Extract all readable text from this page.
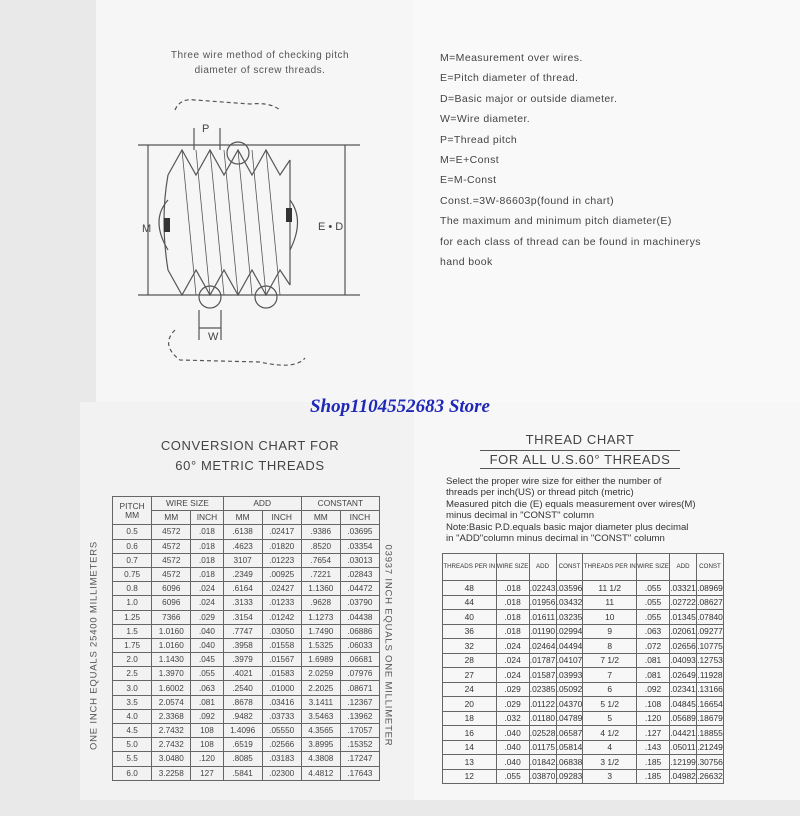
Three wire method of checking pitch
diameter of screw threads.
P
M	E • D
W
M=Measurement over wires.
E=Pitch diameter of thread.
D=Basic major or outside diameter.
W=Wire diameter.
P=Thread pitch
M=E+Const
E=M-Const
Const.=3W-86603p(found in chart)
The maximum and minimum pitch diameter(E)
for each class of thread can be found in machinerys
hand book
Shop1104552683 Store
CONVERSION CHART FOR
60° METRIC THREADS
ONE INCH EQUALS 25400 MILLIMETERS	03937 INCH EQUALS ONE MILLIMETER
PITCH
MM	WIRE SIZE		ADD		CONSTANT	
	MM	INCH	MM	INCH	MM	INCH
0.5	4572	.018	.6138	.02417	.9386	.03695
0.6	4572	.018	.4623	.01820	.8520	.03354
0.7	4572	.018	3107	.01223	.7654	.03013
0.75	4572	.018	.2349	.00925	.7221	.02843
0.8	6096	.024	.6164	.02427	1.1360	.04472
1.0	6096	.024	.3133	.01233	.9628	.03790
1.25	7366	.029	.3154	.01242	1.1273	.04438
1.5	1.0160	.040	.7747	.03050	1.7490	.06886
1.75	1.0160	.040	.3958	.01558	1.5325	.06033
2.0	1.1430	.045	.3979	.01567	1.6989	.06681
2.5	1.3970	.055	.4021	.01583	2.0259	.07976
3.0	1.6002	.063	.2540	.01000	2.2025	.08671
3.5	2.0574	.081	.8678	.03416	3.1411	.12367
4.0	2.3368	.092	.9482	.03733	3.5463	.13962
4.5	2.7432	108	1.4096	.05550	4.3565	.17057
5.0	2.7432	108	.6519	.02566	3.8995	.15352
5.5	3.0480	.120	.8085	.03183	4.3808	.17247
6.0	3.2258	127	.5841	.02300	4.4812	.17643
THREAD CHART
FOR ALL U.S.60° THREADS
Select the proper wire size for either the number of
threads per inch(US) or thread pitch (metric)
Measured pitch die (E) equals measurement over wires(M)
minus decimal in "CONST" column
Note:Basic P.D.equals basic major diameter plus decimal
in "ADD"column minus decimal in "CONST" column
THREADS PER IN	WIRE SIZE	ADD	CONST	THREADS PER IN	WIRE SIZE	ADD	CONST
48	.018	.02243	.03596	11 1/2	.055	.03321	.08969
44	.018	.01956	.03432	11	.055	.02722	.08627
40	.018	.01611	.03235	10	.055	.01345	.07840
36	.018	.01190	.02994	9	.063	.02061	.09277
32	.024	.02464	.04494	8	.072	.02656	.10775
28	.024	.01787	.04107	7 1/2	.081	.04093	.12753
27	.024	.01587	.03993	7	.081	.02649	.11928
24	.029	.02385	.05092	6	.092	.02341	.13166
20	.029	.01122	.04370	5 1/2	.108	.04845	.16654
18	.032	.01180	.04789	5	.120	.05689	.18679
16	.040	.02528	.06587	4 1/2	.127	.04421	.18855
14	.040	.01175	.05814	4	.143	.05011	.21249
13	.040	.01842	.06838	3 1/2	.185	.12199	.30756
12	.055	.03870	.09283	3	.185	.04982	.26632
